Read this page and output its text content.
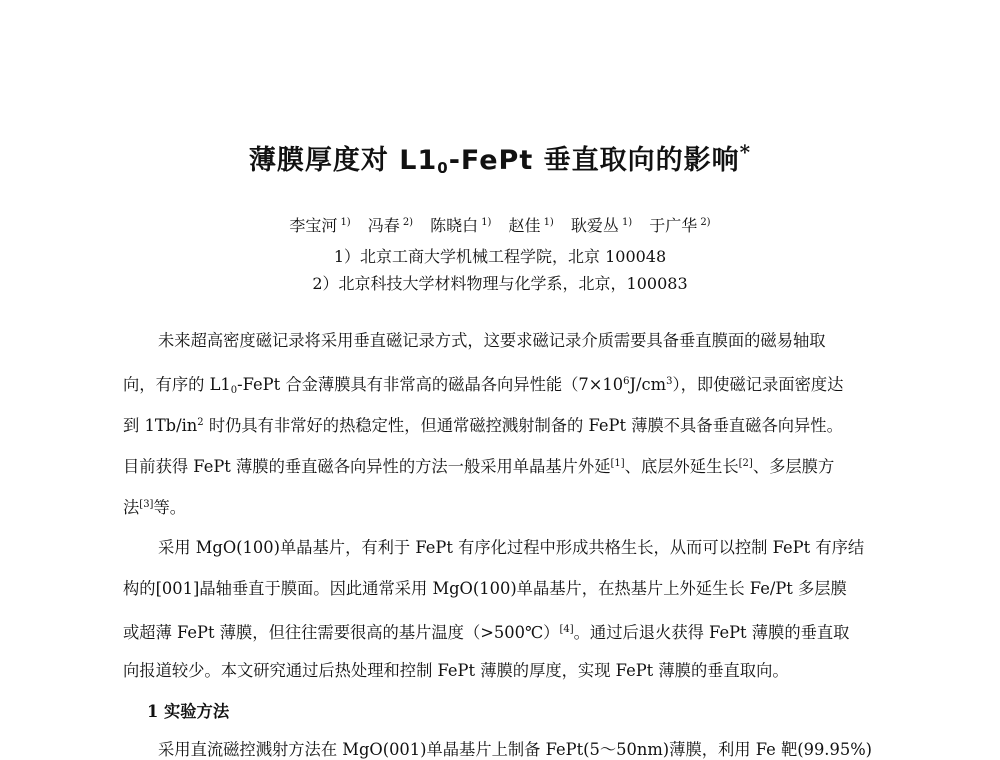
薄膜厚度对 $L1_0$-FePt 垂直取向的影响*
李宝河 $^{1)}$ 冯春 $^{2)}$ 陈晓白 $^{1)}$ 赵佳 $^{1)}$ 耿爱丛 $^{1)}$ 于广华 $^{2)}$
1）北京工商大学机械工程学院，北京 100048
2）北京科技大学材料物理与化学系，北京，100083
未来超高密度磁记录将采用垂直磁记录方式，这要求磁记录介质需要具备垂直膜面的磁易轴取
向，有序的 $L1_0$-FePt 合金薄膜具有非常高的磁晶各向异性能$(7\times 10^6J/cm^3)$，即使磁记录面密度达
到 $1Tb/in^2$ 时仍具有非常好的热稳定性，但通常磁控溅射制备的 FePt 薄膜不具备垂直磁各向异性。
目前获得 FePt 薄膜的垂直磁各向异性的方法一般采用单晶基片外延[1]、底层外延生长[2]、多层膜方
法[3]等。
采用 MgO(100)单晶基片，有利于 FePt 有序化过程中形成共格生长，从而可以控制 FePt 有序结
构的[001]晶轴垂直于膜面。因此通常采用 MgO(100)单晶基片，在热基片上外延生长 Fe/Pt 多层膜
或超薄 FePt 薄膜，但往往需要很高的基片温度（>500℃）[4]。通过后退火获得 FePt 薄膜的垂直取
向报道较少。本文研究通过后热处理和控制 FePt 薄膜的厚度，实现 FePt 薄膜的垂直取向。
1 实验方法
采用直流磁控溅射方法在 MgO(001)单晶基片上制备 FePt(5～50nm)薄膜，利用 Fe 靶(99.95%)
